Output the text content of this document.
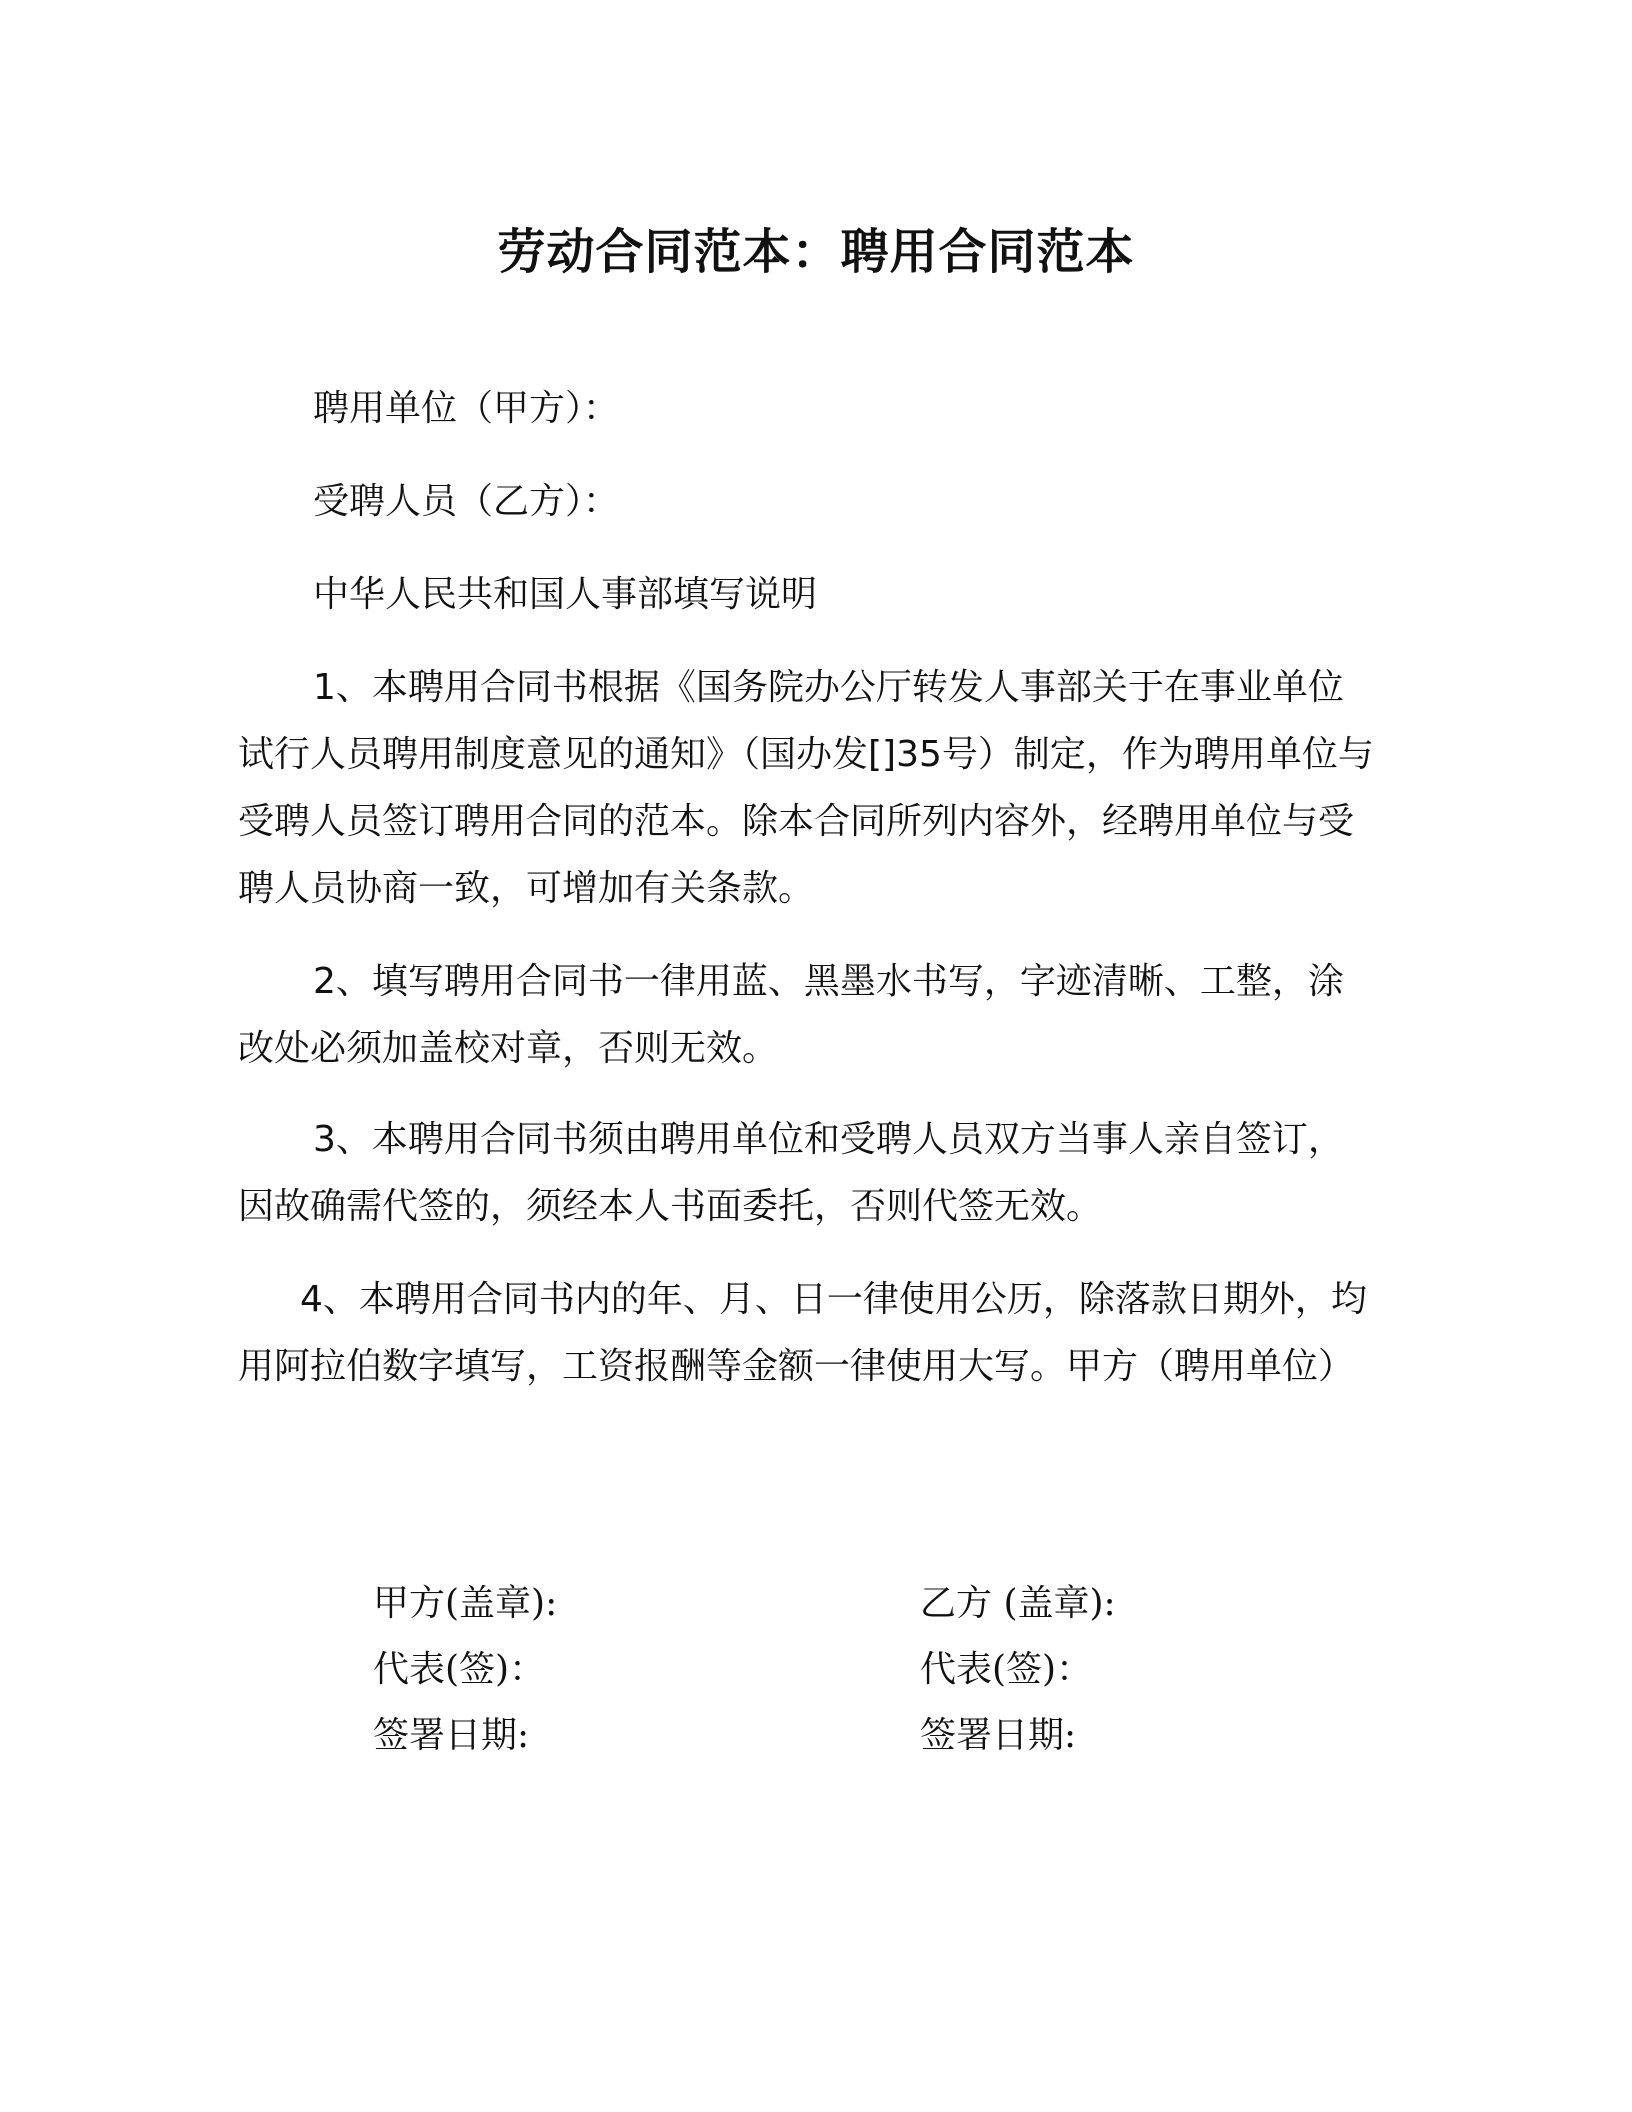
劳动合同范本：聘用合同范本
聘用单位（甲方）：
受聘人员（乙方）：
中华人民共和国人事部填写说明
1、本聘用合同书根据《国务院办公厅转发人事部关于在事业单位试行人员聘用制度意见的通知》（国办发[]35号）制定，作为聘用单位与受聘人员签订聘用合同的范本。除本合同所列内容外，经聘用单位与受聘人员协商一致，可增加有关条款。
2、填写聘用合同书一律用蓝、黑墨水书写，字迹清晰、工整，涂改处必须加盖校对章，否则无效。
3、本聘用合同书须由聘用单位和受聘人员双方当事人亲自签订，因故确需代签的，须经本人书面委托，否则代签无效。
4、本聘用合同书内的年、月、日一律使用公历，除落款日期外，均用阿拉伯数字填写，工资报酬等金额一律使用大写。甲方（聘用单位）
甲方(盖章):
代表(签)：
签署日期:
乙方 (盖章):
代表(签)：
签署日期:
